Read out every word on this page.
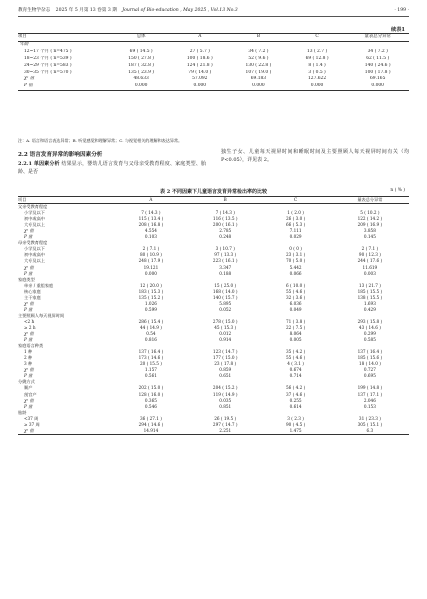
教育生物学杂志 2025 年 5 月第 13 卷第 3 期 Journal of Bio-education , May 2025 , Vol.13 No.3	· 199 ·
续表1
项目	总体	A	B	C	量表总分异常
年龄					
12~17 个月 ( n=475 )	69 ( 14.5 )	27 ( 5.7 )	34 ( 7.2 )	13 ( 2.7 )	34 ( 7.2 )
18~23 个月 ( n=539 )	150 ( 27.8 )	100 ( 18.6 )	52 ( 9.6 )	69 ( 12.8 )	62 ( 11.5 )
24~29 个月 ( n=583 )	187 ( 32.8 )	124 ( 21.8 )	130 ( 22.8 )	8 ( 1.4 )	140 ( 24.6 )
30~35 个月 ( n=570 )	135 ( 23.9 )	79 ( 14.0 )	107 ( 19.0 )	3 ( 0.5 )	100 ( 17.8 )
χ² 值	48.633	57.092	69.183	127.622	69.165
P 值	0.000	0.000	0.000	0.000	0.000
注：A. 语言和语言表达异常；B. 听觉感觉和理解异常；C. 与视觉相关的理解和表达异常。
2.2 语言发育异常的影响因素分析
2.2.1 单因素分析 结果显示，婴幼儿语言发育与父母亲受教育程度、家庭类型、胎龄、是否
独生子女、儿童每天视屏时间和睡眠时间及主要照顾人每天视屏时间有关（均 P<0.05），详见表 2。
表 2 不同因素下儿童语言发育异常检出率的比较	n ( % )
项目	A	B	C	量表总分异常
父亲受教育程度				
小学及以下	7 ( 14.3 )	7 ( 14.3 )	1 ( 2.0 )	5 ( 10.2 )
初中或高中	115 ( 13.4 )	116 ( 13.5 )	26 ( 3.0 )	122 ( 14.2 )
大专及以上	208 ( 16.8 )	200 ( 16.1 )	66 ( 5.3 )	209 ( 16.9 )
χ² 值	4.554	2.785	7.111	3.858
P 值	0.103	0.248	0.029	0.145
母亲受教育程度				
小学及以下	2 ( 7.1 )	3 ( 10.7 )	0 ( 0 )	2 ( 7.1 )
初中或高中	80 ( 10.9 )	97 ( 13.3 )	23 ( 3.1 )	90 ( 12.3 )
大专及以上	248 ( 17.9 )	223 ( 16.1 )	70 ( 5.0 )	244 ( 17.6 )
χ² 值	19.121	3.347	5.442	11.619
P 值	0.000	0.188	0.066	0.003
家庭类型				
单亲 / 重组家庭	12 ( 20.0 )	15 ( 25.0 )	6 ( 10.0 )	13 ( 21.7 )
核心家庭	183 ( 15.3 )	168 ( 14.0 )	55 ( 4.6 )	185 ( 15.5 )
主干家庭	135 ( 15.2 )	140 ( 15.7 )	32 ( 3.6 )	138 ( 15.5 )
χ² 值	1.026	5.895	6.036	1.693
P 值	0.599	0.052	0.049	0.429
主要照顾人每天视屏时间				
<2 h	286 ( 15.4 )	278 ( 15.0 )	71 ( 3.8 )	293 ( 15.8 )
≥ 2 h	44 ( 14.9 )	45 ( 15.3 )	22 ( 7.5 )	43 ( 14.6 )
χ² 值	0.54	0.012	8.064	0.299
P 值	0.816	0.914	0.005	0.585
家庭语言种类				
1 种	137 ( 16.4 )	123 ( 14.7 )	35 ( 4.2 )	137 ( 16.4 )
2 种	173 ( 14.6 )	177 ( 15.0 )	55 ( 4.6 )	185 ( 15.6 )
3 种	20 ( 15.5 )	23 ( 17.8 )	4 ( 3.1 )	18 ( 14.0 )
χ² 值	1.157	0.859	0.674	0.727
P 值	0.561	0.651	0.714	0.695
分娩方式				
顺产	202 ( 15.0 )	204 ( 15.2 )	56 ( 4.2 )	199 ( 14.8 )
剖宫产	128 ( 16.0 )	119 ( 14.9 )	37 ( 4.6 )	137 ( 17.1 )
χ² 值	0.365	0.035	0.255	2.046
P 值	0.546	0.851	0.614	0.153
胎龄				
<37 周	36 ( 27.1 )	26 ( 19.5 )	3 ( 2.3 )	31 ( 23.3 )
≥ 37 周	294 ( 14.6 )	297 ( 14.7 )	90 ( 4.5 )	305 ( 15.1 )
χ² 值	14.914	2.251	1.475	6.3
